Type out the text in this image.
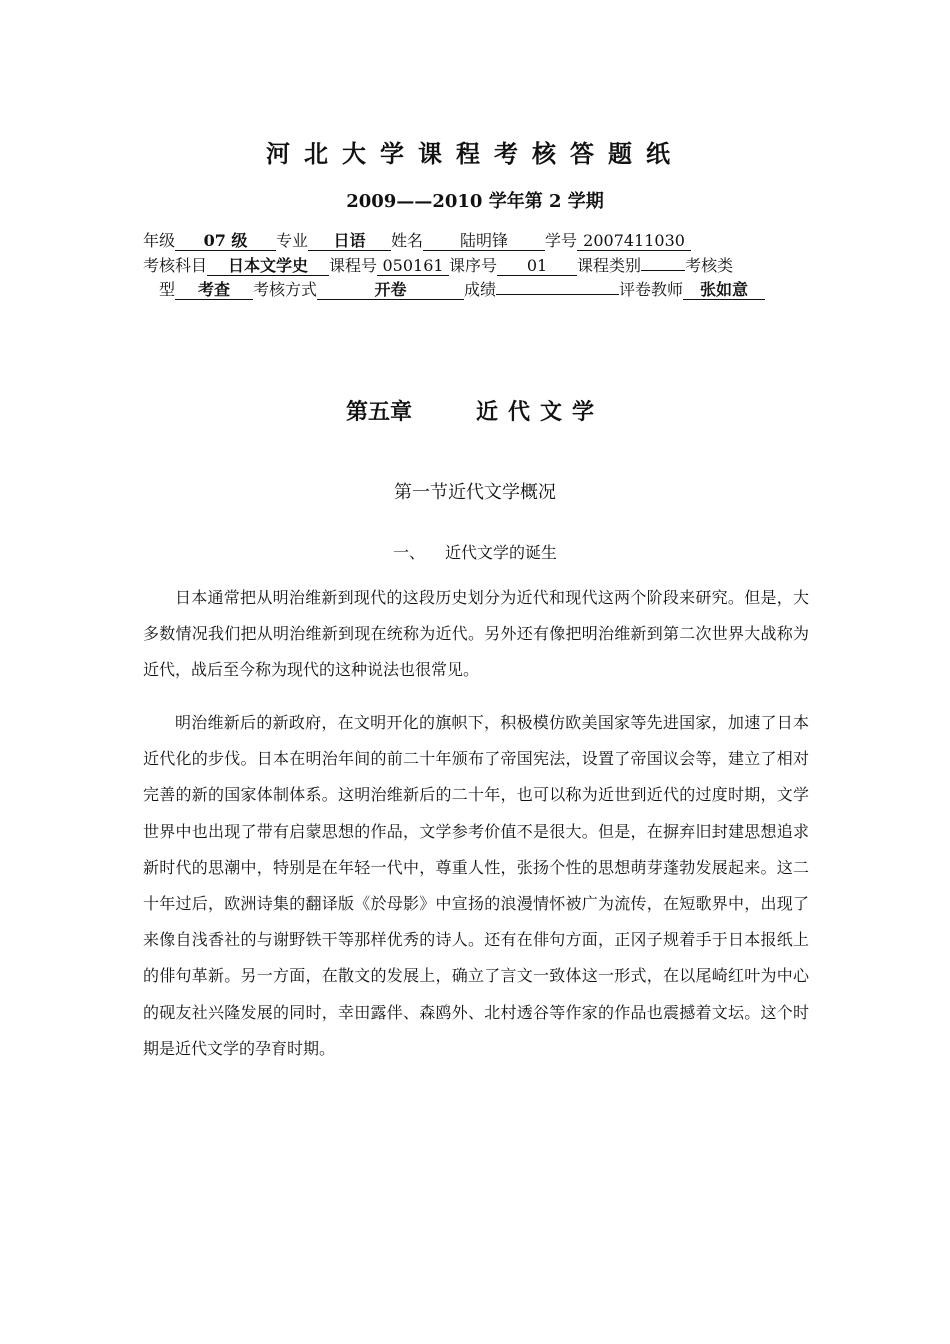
河北大学课程考核答题纸
2009——2010 学年第 2 学期
年级 07 级 专业 日语 姓名 陆明锋 学号 2007411030
考核科目 日本文学史 课程号 050161 课序号 01 课程类别	考核类
型 考查 考核方式	开卷	成绩	评卷教师 张如意
第五章	近代文学
第一节近代文学概况
一、 近代文学的诞生

日本通常把从明治维新到现代的这段历史划分为近代和现代这两个阶段来研究。但是，大多数情况我们把从明治维新到现在统称为近代。另外还有像把明治维新到第二次世界大战称为近代，战后至今称为现代的这种说法也很常见。

明治维新后的新政府，在文明开化的旗帜下，积极模仿欧美国家等先进国家，加速了日本近代化的步伐。日本在明治年间的前二十年颁布了帝国宪法，设置了帝国议会等，建立了相对完善的新的国家体制体系。这明治维新后的二十年，也可以称为近世到近代的过度时期，文学世界中也出现了带有启蒙思想的作品，文学参考价值不是很大。但是，在摒弃旧封建思想追求新时代的思潮中，特别是在年轻一代中，尊重人性，张扬个性的思想萌芽蓬勃发展起来。这二十年过后，欧洲诗集的翻译版《於母影》中宣扬的浪漫情怀被广为流传，在短歌界中，出现了来像自浅香社的与谢野铁干等那样优秀的诗人。还有在俳句方面，正冈子规着手于日本报纸上的俳句革新。另一方面，在散文的发展上，确立了言文一致体这一形式，在以尾崎红叶为中心的砚友社兴隆发展的同时，幸田露伴、森鸥外、北村透谷等作家的作品也震撼着文坛。这个时期是近代文学的孕育时期。
